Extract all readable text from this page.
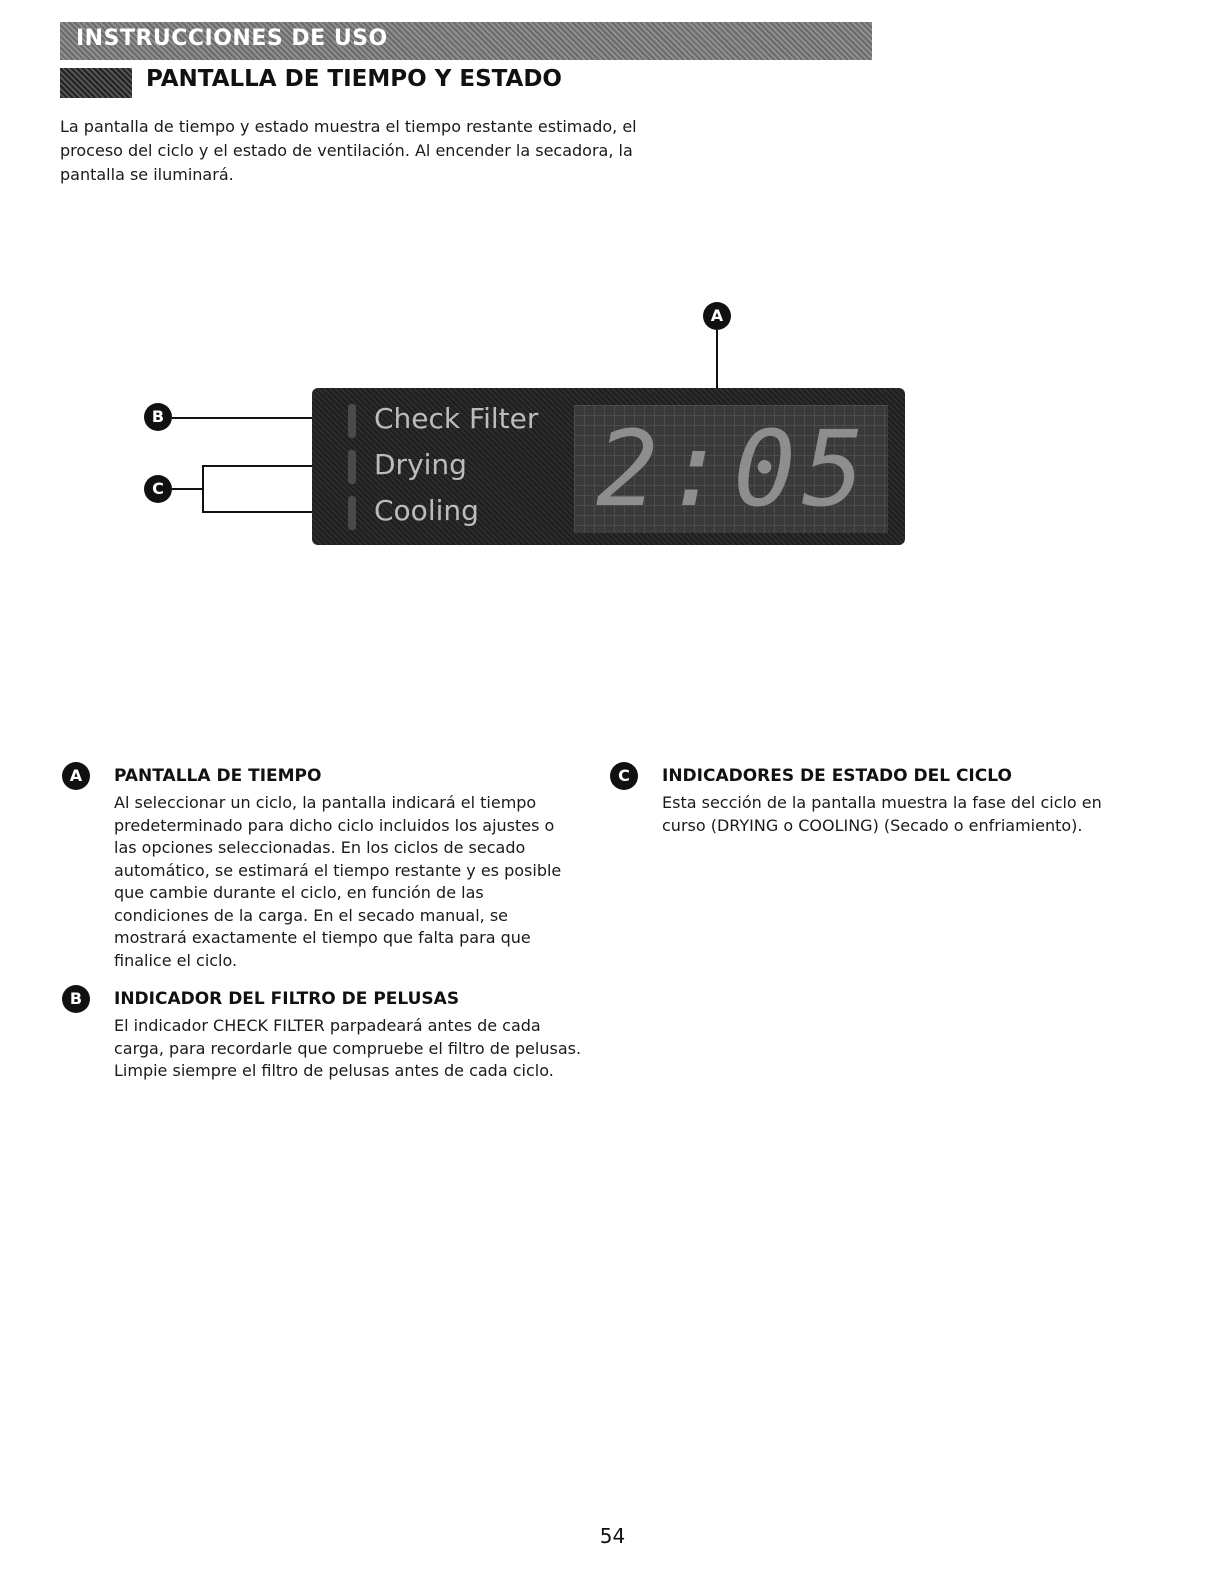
INSTRUCCIONES DE USO
PANTALLA DE TIEMPO Y ESTADO

La pantalla de tiempo y estado muestra el tiempo restante estimado, el proceso del ciclo y el estado de ventilación. Al encender la secadora, la pantalla se iluminará.

Check Filter
Drying
Cooling 2:05
A
B
C
A	PANTALLA DE TIEMPO

Al seleccionar un ciclo, la pantalla indicará el tiempo predeterminado para dicho ciclo incluidos los ajustes o las opciones seleccionadas. En los ciclos de secado automático, se estimará el tiempo restante y es posible que cambie durante el ciclo, en función de las condiciones de la carga. En el secado manual, se mostrará exactamente el tiempo que falta para que finalice el ciclo.

B	INDICADOR DEL FILTRO DE PELUSAS

El indicador CHECK FILTER parpadeará antes de cada carga, para recordarle que compruebe el filtro de pelusas. Limpie siempre el filtro de pelusas antes de cada ciclo.

C	INDICADORES DE ESTADO DEL CICLO

Esta sección de la pantalla muestra la fase del ciclo en curso (DRYING o COOLING) (Secado o enfriamiento).

54
